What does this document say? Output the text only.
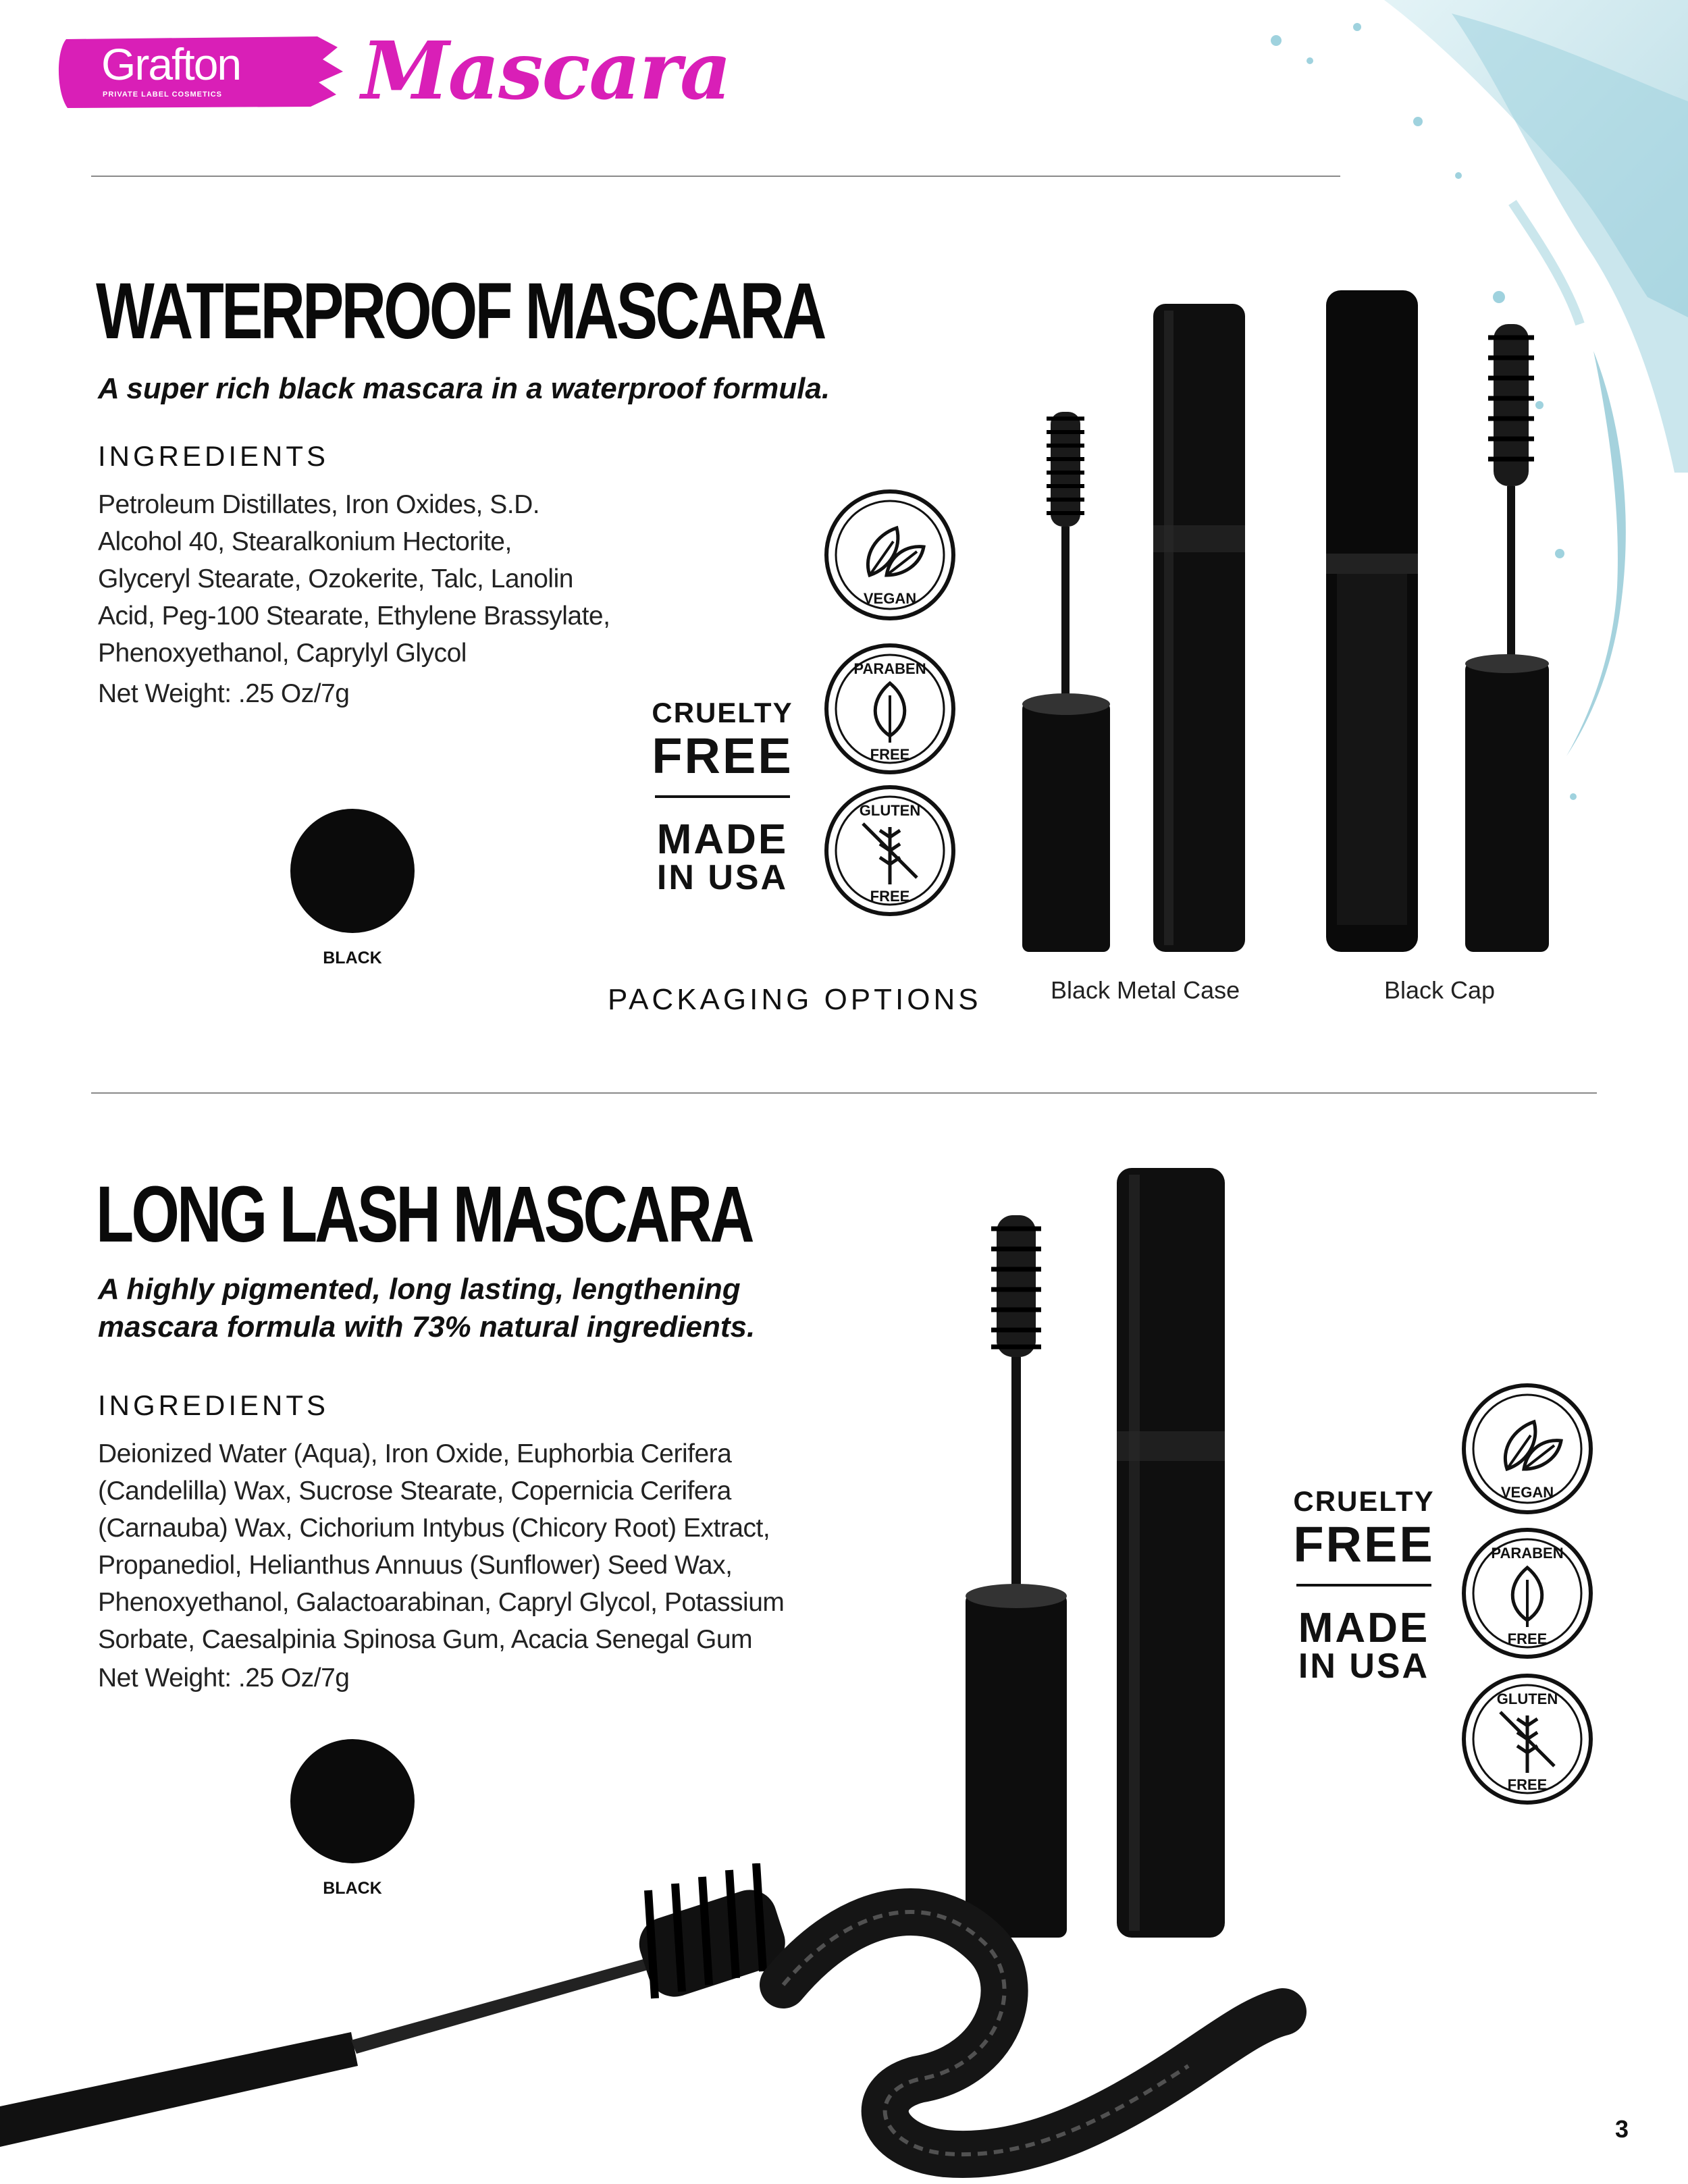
Grafton
PRIVATE LABEL COSMETICS Mascara
WATERPROOF MASCARA
A super rich black mascara in a waterproof formula.
INGREDIENTS
Petroleum Distillates, Iron Oxides, S.D.
Alcohol 40, Stearalkonium Hectorite,
Glyceryl Stearate, Ozokerite, Talc, Lanolin
Acid, Peg-100 Stearate, Ethylene Brassylate,
Phenoxyethanol, Caprylyl Glycol
Net Weight: .25 Oz/7g
BLACK
CRUELTY
FREE
MADE
IN USA
VEGAN
PARABEN
FREE
GLUTEN
FREE
PACKAGING OPTIONS	Black Metal Case	Black Cap
LONG LASH MASCARA
A highly pigmented, long lasting, lengthening
mascara formula with 73% natural ingredients.
INGREDIENTS
Deionized Water (Aqua), Iron Oxide, Euphorbia Cerifera
(Candelilla) Wax, Sucrose Stearate, Copernicia Cerifera
(Carnauba) Wax, Cichorium Intybus (Chicory Root) Extract,
Propanediol, Helianthus Annuus (Sunflower) Seed Wax,
Phenoxyethanol, Galactoarabinan, Capryl Glycol, Potassium
Sorbate, Caesalpinia Spinosa Gum, Acacia Senegal Gum
Net Weight: .25 Oz/7g
BLACK
CRUELTY
FREE
MADE
IN USA
VEGAN
PARABEN
FREE
GLUTEN
FREE
3
